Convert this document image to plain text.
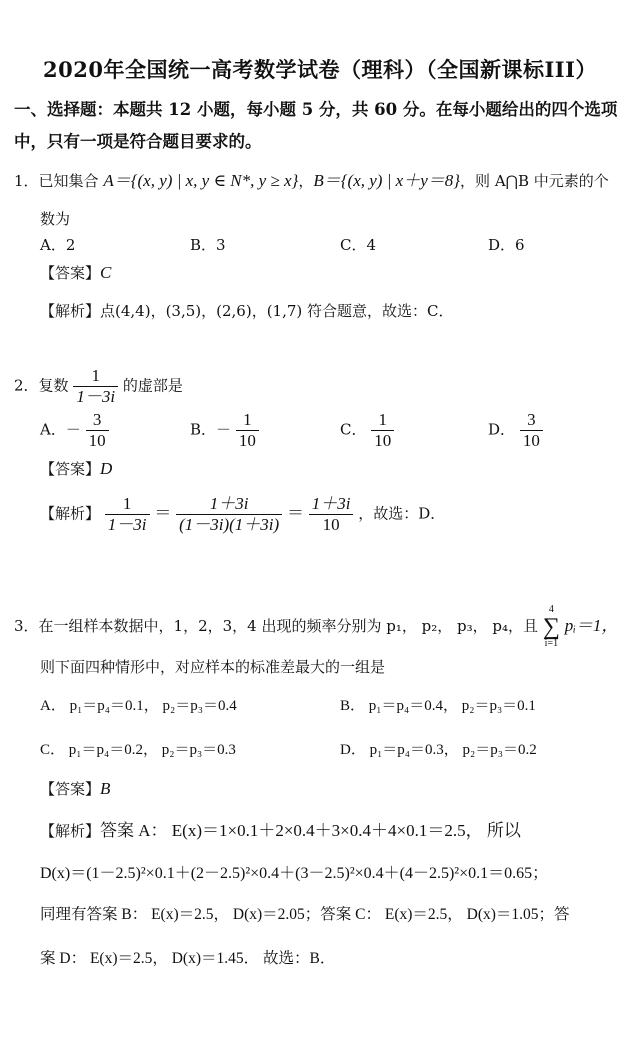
2020年全国统一高考数学试卷（理科）（全国新课标III）
一、选择题：本题共 12 小题，每小题 5 分，共 60 分。在每小题给出的四个选项
中，只有一项是符合题目要求的。
1．已知集合 A＝{(x, y) | x, y ∈ N*, y ≥ x}，B＝{(x, y) | x＋y＝8}，则 A⋂B 中元素的个
数为
A．2	B．3	C．4	D．6
【答案】C
【解析】点(4,4)，(3,5)，(2,6)，(1,7) 符合题意，故选：C．
2．复数 $\frac{1}{1-3i}$ 的虚部是
A．－ $\frac{3}{10}$	B．－ $\frac{1}{10}$	C． $\frac{1}{10}$	D． $\frac{3}{10}$
【答案】D
【解析】 $\frac{1}{1-3i} = \frac{1+3i}{(1-3i)(1+3i)} = \frac{1+3i}{10}$ ，故选：D．
3．在一组样本数据中，1，2，3，4 出现的频率分别为 p₁， p₂， p₃， p₄，且
4
∑
i=1
pᵢ＝1，
则下面四种情形中，对应样本的标准差最大的一组是
A． p₁＝p₄＝0.1， p₂＝p₃＝0.4	B． p₁＝p₄＝0.4， p₂＝p₃＝0.1
C． p₁＝p₄＝0.2， p₂＝p₃＝0.3	D． p₁＝p₄＝0.3， p₂＝p₃＝0.2
【答案】B
【解析】答案 A： E(x)＝1×0.1＋2×0.4＋3×0.4＋4×0.1＝2.5， 所以
D(x)＝(1－2.5)²×0.1＋(2－2.5)²×0.4＋(3－2.5)²×0.4＋(4－2.5)²×0.1＝0.65；
同理有答案 B： E(x)＝2.5， D(x)＝2.05；答案 C： E(x)＝2.5， D(x)＝1.05；答
案 D： E(x)＝2.5， D(x)＝1.45． 故选：B．
